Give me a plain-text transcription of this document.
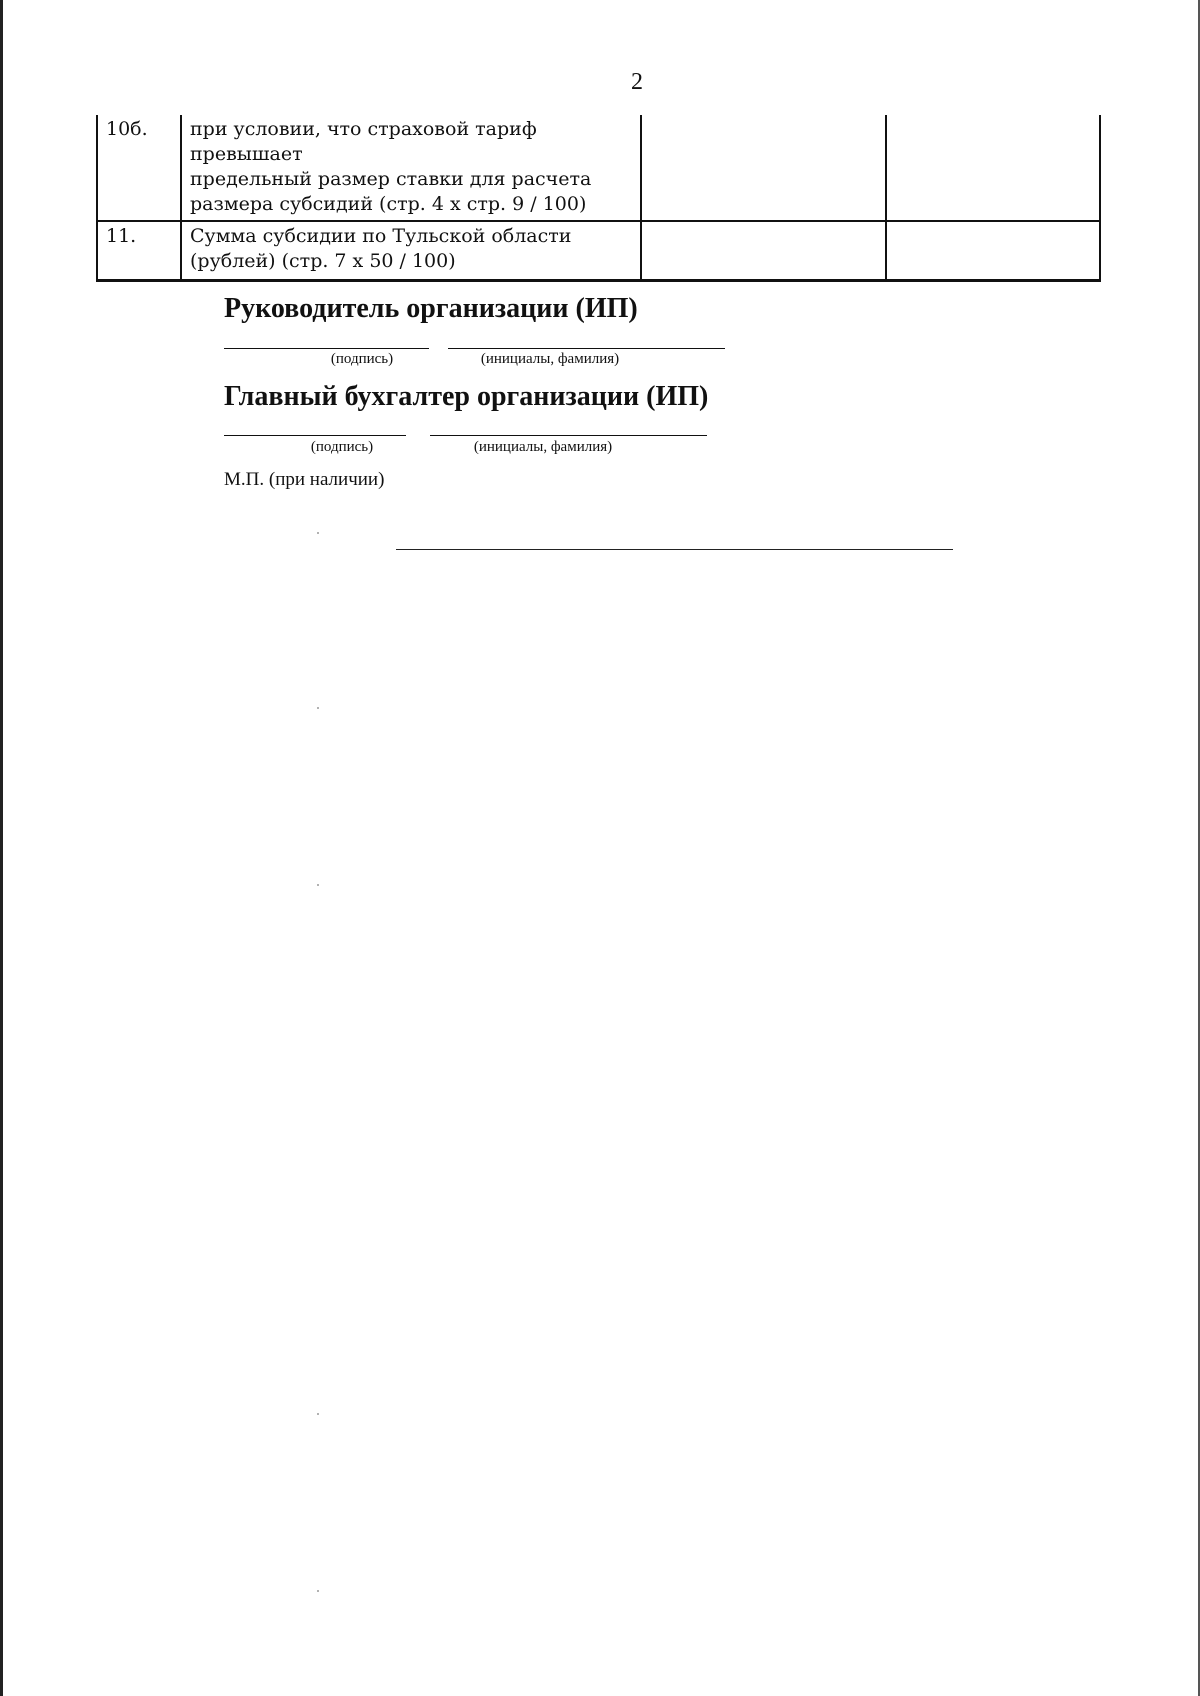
2
10б.	при условии, что страховой тариф превышает
предельный размер ставки для расчета
размера субсидий (стр. 4 х стр. 9 / 100)		

11.	Сумма субсидии по Тульской области
(рублей) (стр. 7 х 50 / 100)		

Руководитель организации (ИП)
(подпись)	(инициалы, фамилия)
Главный бухгалтер организации (ИП)
(подпись)	(инициалы, фамилия)
М.П. (при наличии)
